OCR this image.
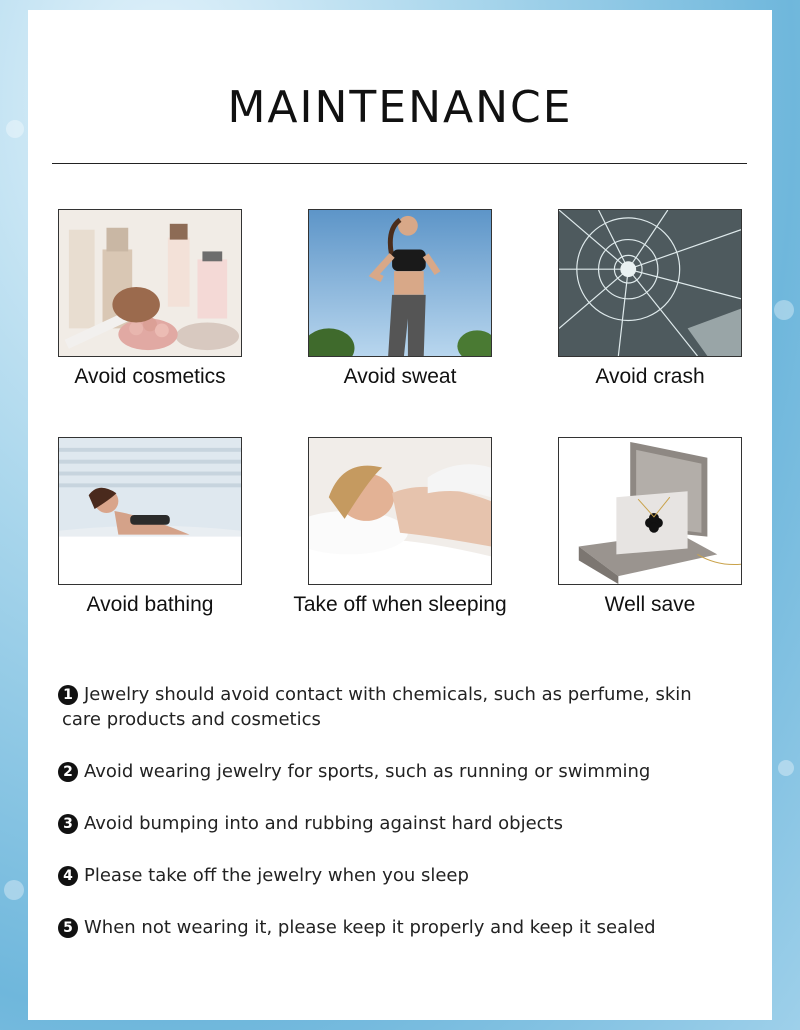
MAINTENANCE
Avoid cosmetics	Avoid sweat	Avoid crash
Avoid bathing	Take off when sleeping	Well save
1 Jewelry should avoid contact with chemicals, such as perfume, skin
care products and cosmetics
2 Avoid wearing jewelry for sports, such as running or swimming
3 Avoid bumping into and rubbing against hard objects
4 Please take off the jewelry when you sleep
5 When not wearing it, please keep it properly and keep it sealed
